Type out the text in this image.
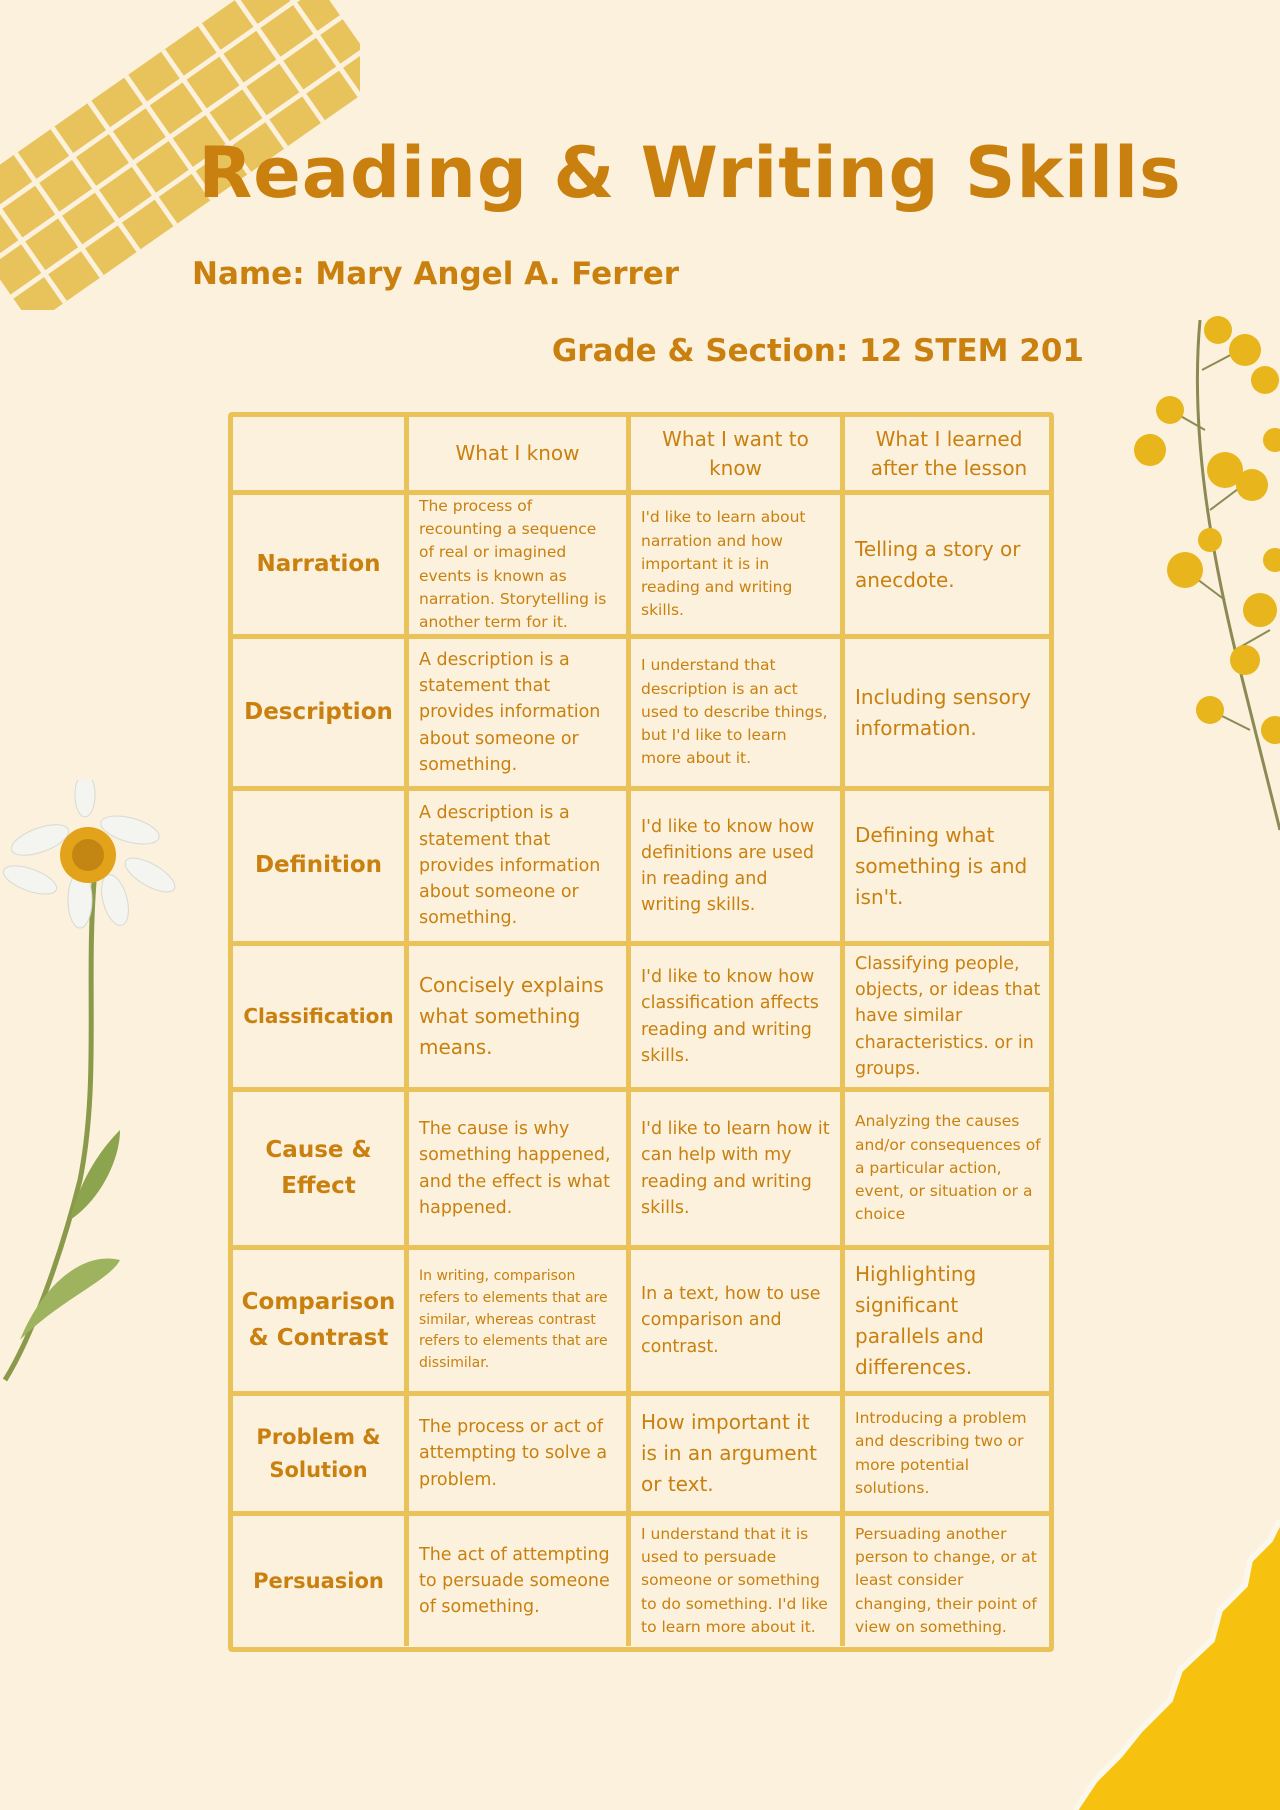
Reading & Writing Skills
Name: Mary Angel A. Ferrer
Grade & Section: 12 STEM 201
What I know
What I want to know
What I learned after the lesson
Narration
The process of recounting a sequence of real or imagined events is known as narration. Storytelling is another term for it.
I'd like to learn about narration and how important it is in reading and writing skills.
Telling a story or anecdote.
Description
A description is a statement that provides information about someone or something.
I understand that description is an act used to describe things, but I'd like to learn more about it.
Including sensory information.
Definition
A description is a statement that provides information about someone or something.
I'd like to know how definitions are used in reading and writing skills.
Defining what something is and isn't.
Classification
Concisely explains what something means.
I'd like to know how classification affects reading and writing skills.
Classifying people, objects, or ideas that have similar characteristics. or in groups.
Cause & Effect
The cause is why something happened, and the effect is what happened.
I'd like to learn how it can help with my reading and writing skills.
Analyzing the causes and/or consequences of a particular action, event, or situation or a choice
Comparison & Contrast
In writing, comparison refers to elements that are similar, whereas contrast refers to elements that are dissimilar.
In a text, how to use comparison and contrast.
Highlighting significant parallels and differences.
Problem & Solution
The process or act of attempting to solve a problem.
How important it is in an argument or text.
Introducing a problem and describing two or more potential solutions.
Persuasion
The act of attempting to persuade someone of something.
I understand that it is used to persuade someone or something to do something. I'd like to learn more about it.
Persuading another person to change, or at least consider changing, their point of view on something.
